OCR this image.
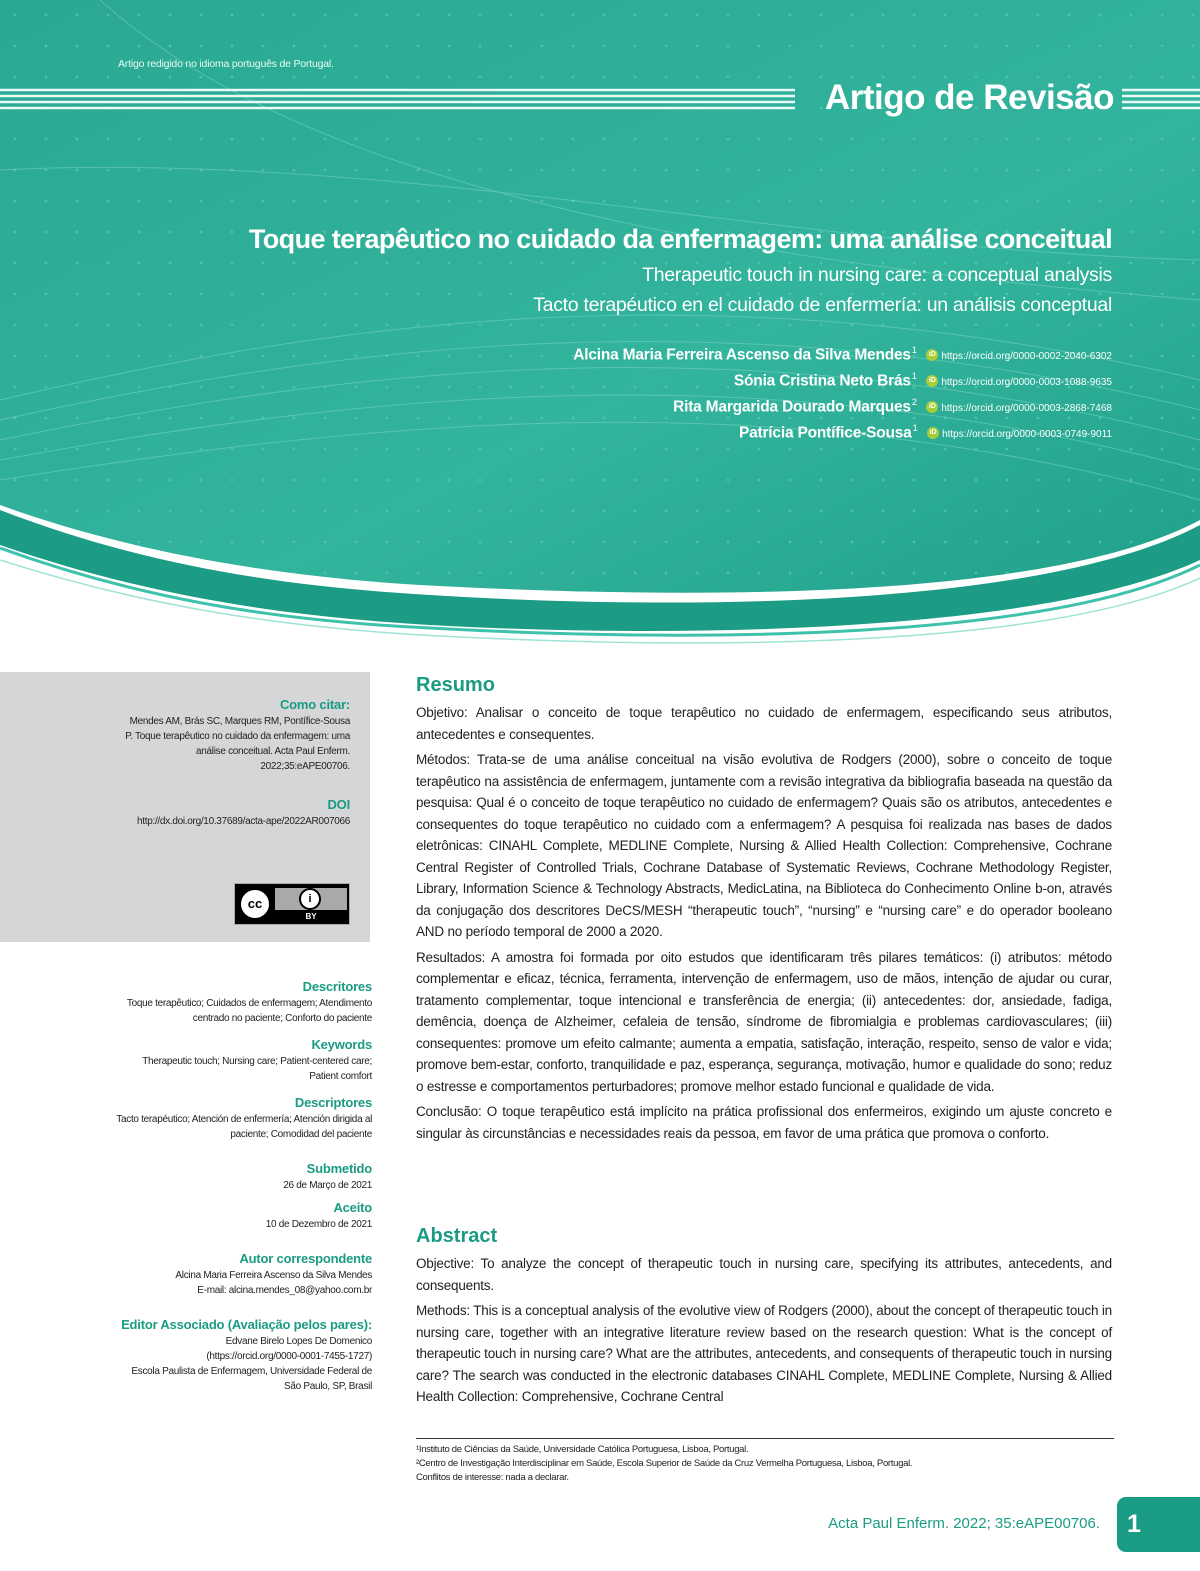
Artigo redigido no idioma português de Portugal.
Artigo de Revisão
Toque terapêutico no cuidado da enfermagem: uma análise conceitual
Therapeutic touch in nursing care: a conceptual analysis
Tacto terapéutico en el cuidado de enfermería: un análisis conceptual
Alcina Maria Ferreira Ascenso da Silva Mendes$^1$ iD https://orcid.org/0000-0002-2040-6302
Sónia Cristina Neto Brás$^1$ iD https://orcid.org/0000-0003-1088-9635
Rita Margarida Dourado Marques$^2$ iD https://orcid.org/0000-0003-2868-7468
Patrícia Pontífice-Sousa$^1$ iD https://orcid.org/0000-0003-0749-9011
Como citar:
Mendes AM, Brás SC, Marques RM, Pontífice-Sousa P. Toque terapêutico no cuidado da enfermagem: uma análise conceitual. Acta Paul Enferm. 2022;35:eAPE00706.
DOI
http://dx.doi.org/10.37689/acta-ape/2022AR007066
cc	i
BY
Descritores
Toque terapêutico; Cuidados de enfermagem; Atendimento centrado no paciente; Conforto do paciente
Keywords
Therapeutic touch; Nursing care; Patient-centered care; Patient comfort
Descriptores
Tacto terapéutico; Atención de enfermería; Atención dirigida al paciente; Comodidad del paciente
Submetido
26 de Março de 2021
Aceito
10 de Dezembro de 2021
Autor correspondente
Alcina Maria Ferreira Ascenso da Silva Mendes
E-mail: alcina.mendes_08@yahoo.com.br
Editor Associado (Avaliação pelos pares):
Edvane Birelo Lopes De Domenico
(https://orcid.org/0000-0001-7455-1727)
Escola Paulista de Enfermagem, Universidade Federal de São Paulo, SP, Brasil
Resumo

Objetivo: Analisar o conceito de toque terapêutico no cuidado de enfermagem, especificando seus atributos, antecedentes e consequentes.

Métodos: Trata-se de uma análise conceitual na visão evolutiva de Rodgers (2000), sobre o conceito de toque terapêutico na assistência de enfermagem, juntamente com a revisão integrativa da bibliografia baseada na questão da pesquisa: Qual é o conceito de toque terapêutico no cuidado de enfermagem? Quais são os atributos, antecedentes e consequentes do toque terapêutico no cuidado com a enfermagem? A pesquisa foi realizada nas bases de dados eletrônicas: CINAHL Complete, MEDLINE Complete, Nursing & Allied Health Collection: Comprehensive, Cochrane Central Register of Controlled Trials, Cochrane Database of Systematic Reviews, Cochrane Methodology Register, Library, Information Science & Technology Abstracts, MedicLatina, na Biblioteca do Conhecimento Online b-on, através da conjugação dos descritores DeCS/MESH “therapeutic touch”, “nursing” e “nursing care” e do operador booleano AND no período temporal de 2000 a 2020.

Resultados: A amostra foi formada por oito estudos que identificaram três pilares temáticos: (i) atributos: método complementar e eficaz, técnica, ferramenta, intervenção de enfermagem, uso de mãos, intenção de ajudar ou curar, tratamento complementar, toque intencional e transferência de energia; (ii) antecedentes: dor, ansiedade, fadiga, demência, doença de Alzheimer, cefaleia de tensão, síndrome de fibromialgia e problemas cardiovasculares; (iii) consequentes: promove um efeito calmante; aumenta a empatia, satisfação, interação, respeito, senso de valor e vida; promove bem-estar, conforto, tranquilidade e paz, esperança, segurança, motivação, humor e qualidade do sono; reduz o estresse e comportamentos perturbadores; promove melhor estado funcional e qualidade de vida.

Conclusão: O toque terapêutico está implícito na prática profissional dos enfermeiros, exigindo um ajuste concreto e singular às circunstâncias e necessidades reais da pessoa, em favor de uma prática que promova o conforto.

Abstract

Objective: To analyze the concept of therapeutic touch in nursing care, specifying its attributes, antecedents, and consequents.

Methods: This is a conceptual analysis of the evolutive view of Rodgers (2000), about the concept of therapeutic touch in nursing care, together with an integrative literature review based on the research question: What is the concept of therapeutic touch in nursing care? What are the attributes, antecedents, and consequents of therapeutic touch in nursing care? The search was conducted in the electronic databases CINAHL Complete, MEDLINE Complete, Nursing & Allied Health Collection: Comprehensive, Cochrane Central

¹Instituto de Ciências da Saúde, Universidade Católica Portuguesa, Lisboa, Portugal.
²Centro de Investigação Interdisciplinar em Saúde, Escola Superior de Saúde da Cruz Vermelha Portuguesa, Lisboa, Portugal.
Conflitos de interesse: nada a declarar.
Acta Paul Enferm. 2022; 35:eAPE00706.	1
